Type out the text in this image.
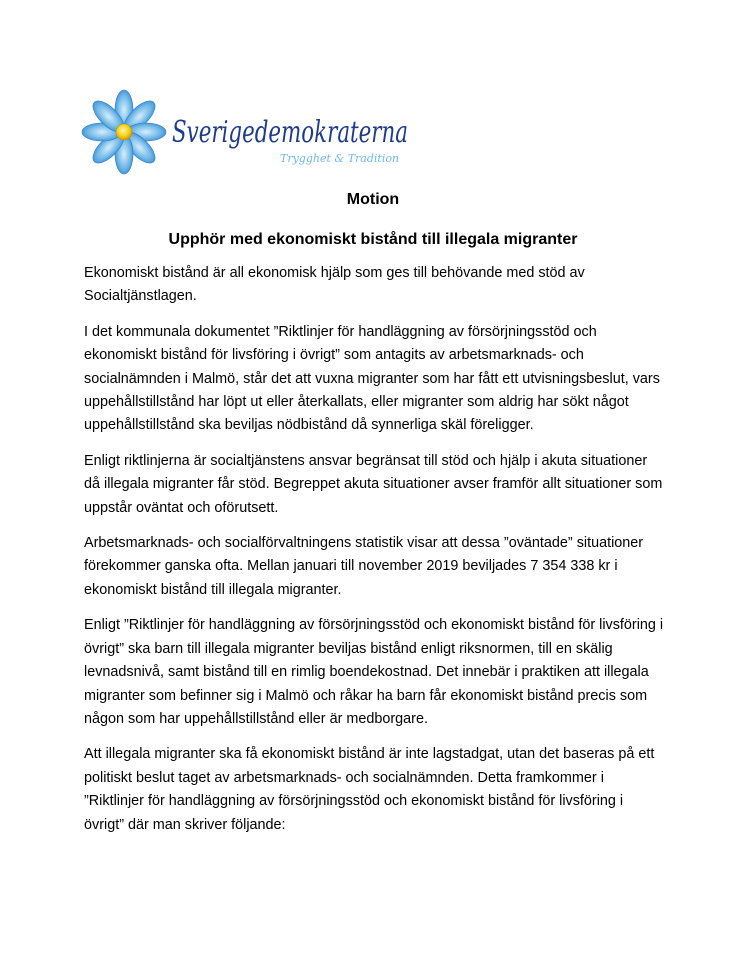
Sverigedemokraterna
Trygghet & Tradition
Motion
Upphör med ekonomiskt bistånd till illegala migranter

Ekonomiskt bistånd är all ekonomisk hjälp som ges till behövande med stöd av Socialtjänstlagen.

I det kommunala dokumentet ”Riktlinjer för handläggning av försörjningsstöd och ekonomiskt bistånd för livsföring i övrigt” som antagits av arbetsmarknads- och socialnämnden i Malmö, står det att vuxna migranter som har fått ett utvisningsbeslut, vars uppehållstillstånd har löpt ut eller återkallats, eller migranter som aldrig har sökt något uppehållstillstånd ska beviljas nödbistånd då synnerliga skäl föreligger.

Enligt riktlinjerna är socialtjänstens ansvar begränsat till stöd och hjälp i akuta situationer då illegala migranter får stöd. Begreppet akuta situationer avser framför allt situationer som uppstår oväntat och oförutsett.

Arbetsmarknads- och socialförvaltningens statistik visar att dessa ”oväntade” situationer förekommer ganska ofta. Mellan januari till november 2019 beviljades 7 354 338 kr i ekonomiskt bistånd till illegala migranter.

Enligt ”Riktlinjer för handläggning av försörjningsstöd och ekonomiskt bistånd för livsföring i övrigt” ska barn till illegala migranter beviljas bistånd enligt riksnormen, till en skälig levnadsnivå, samt bistånd till en rimlig boendekostnad. Det innebär i praktiken att illegala migranter som befinner sig i Malmö och råkar ha barn får ekonomiskt bistånd precis som någon som har uppehållstillstånd eller är medborgare.

Att illegala migranter ska få ekonomiskt bistånd är inte lagstadgat, utan det baseras på ett politiskt beslut taget av arbetsmarknads- och socialnämnden. Detta framkommer i ”Riktlinjer för handläggning av försörjningsstöd och ekonomiskt bistånd för livsföring i övrigt” där man skriver följande:
